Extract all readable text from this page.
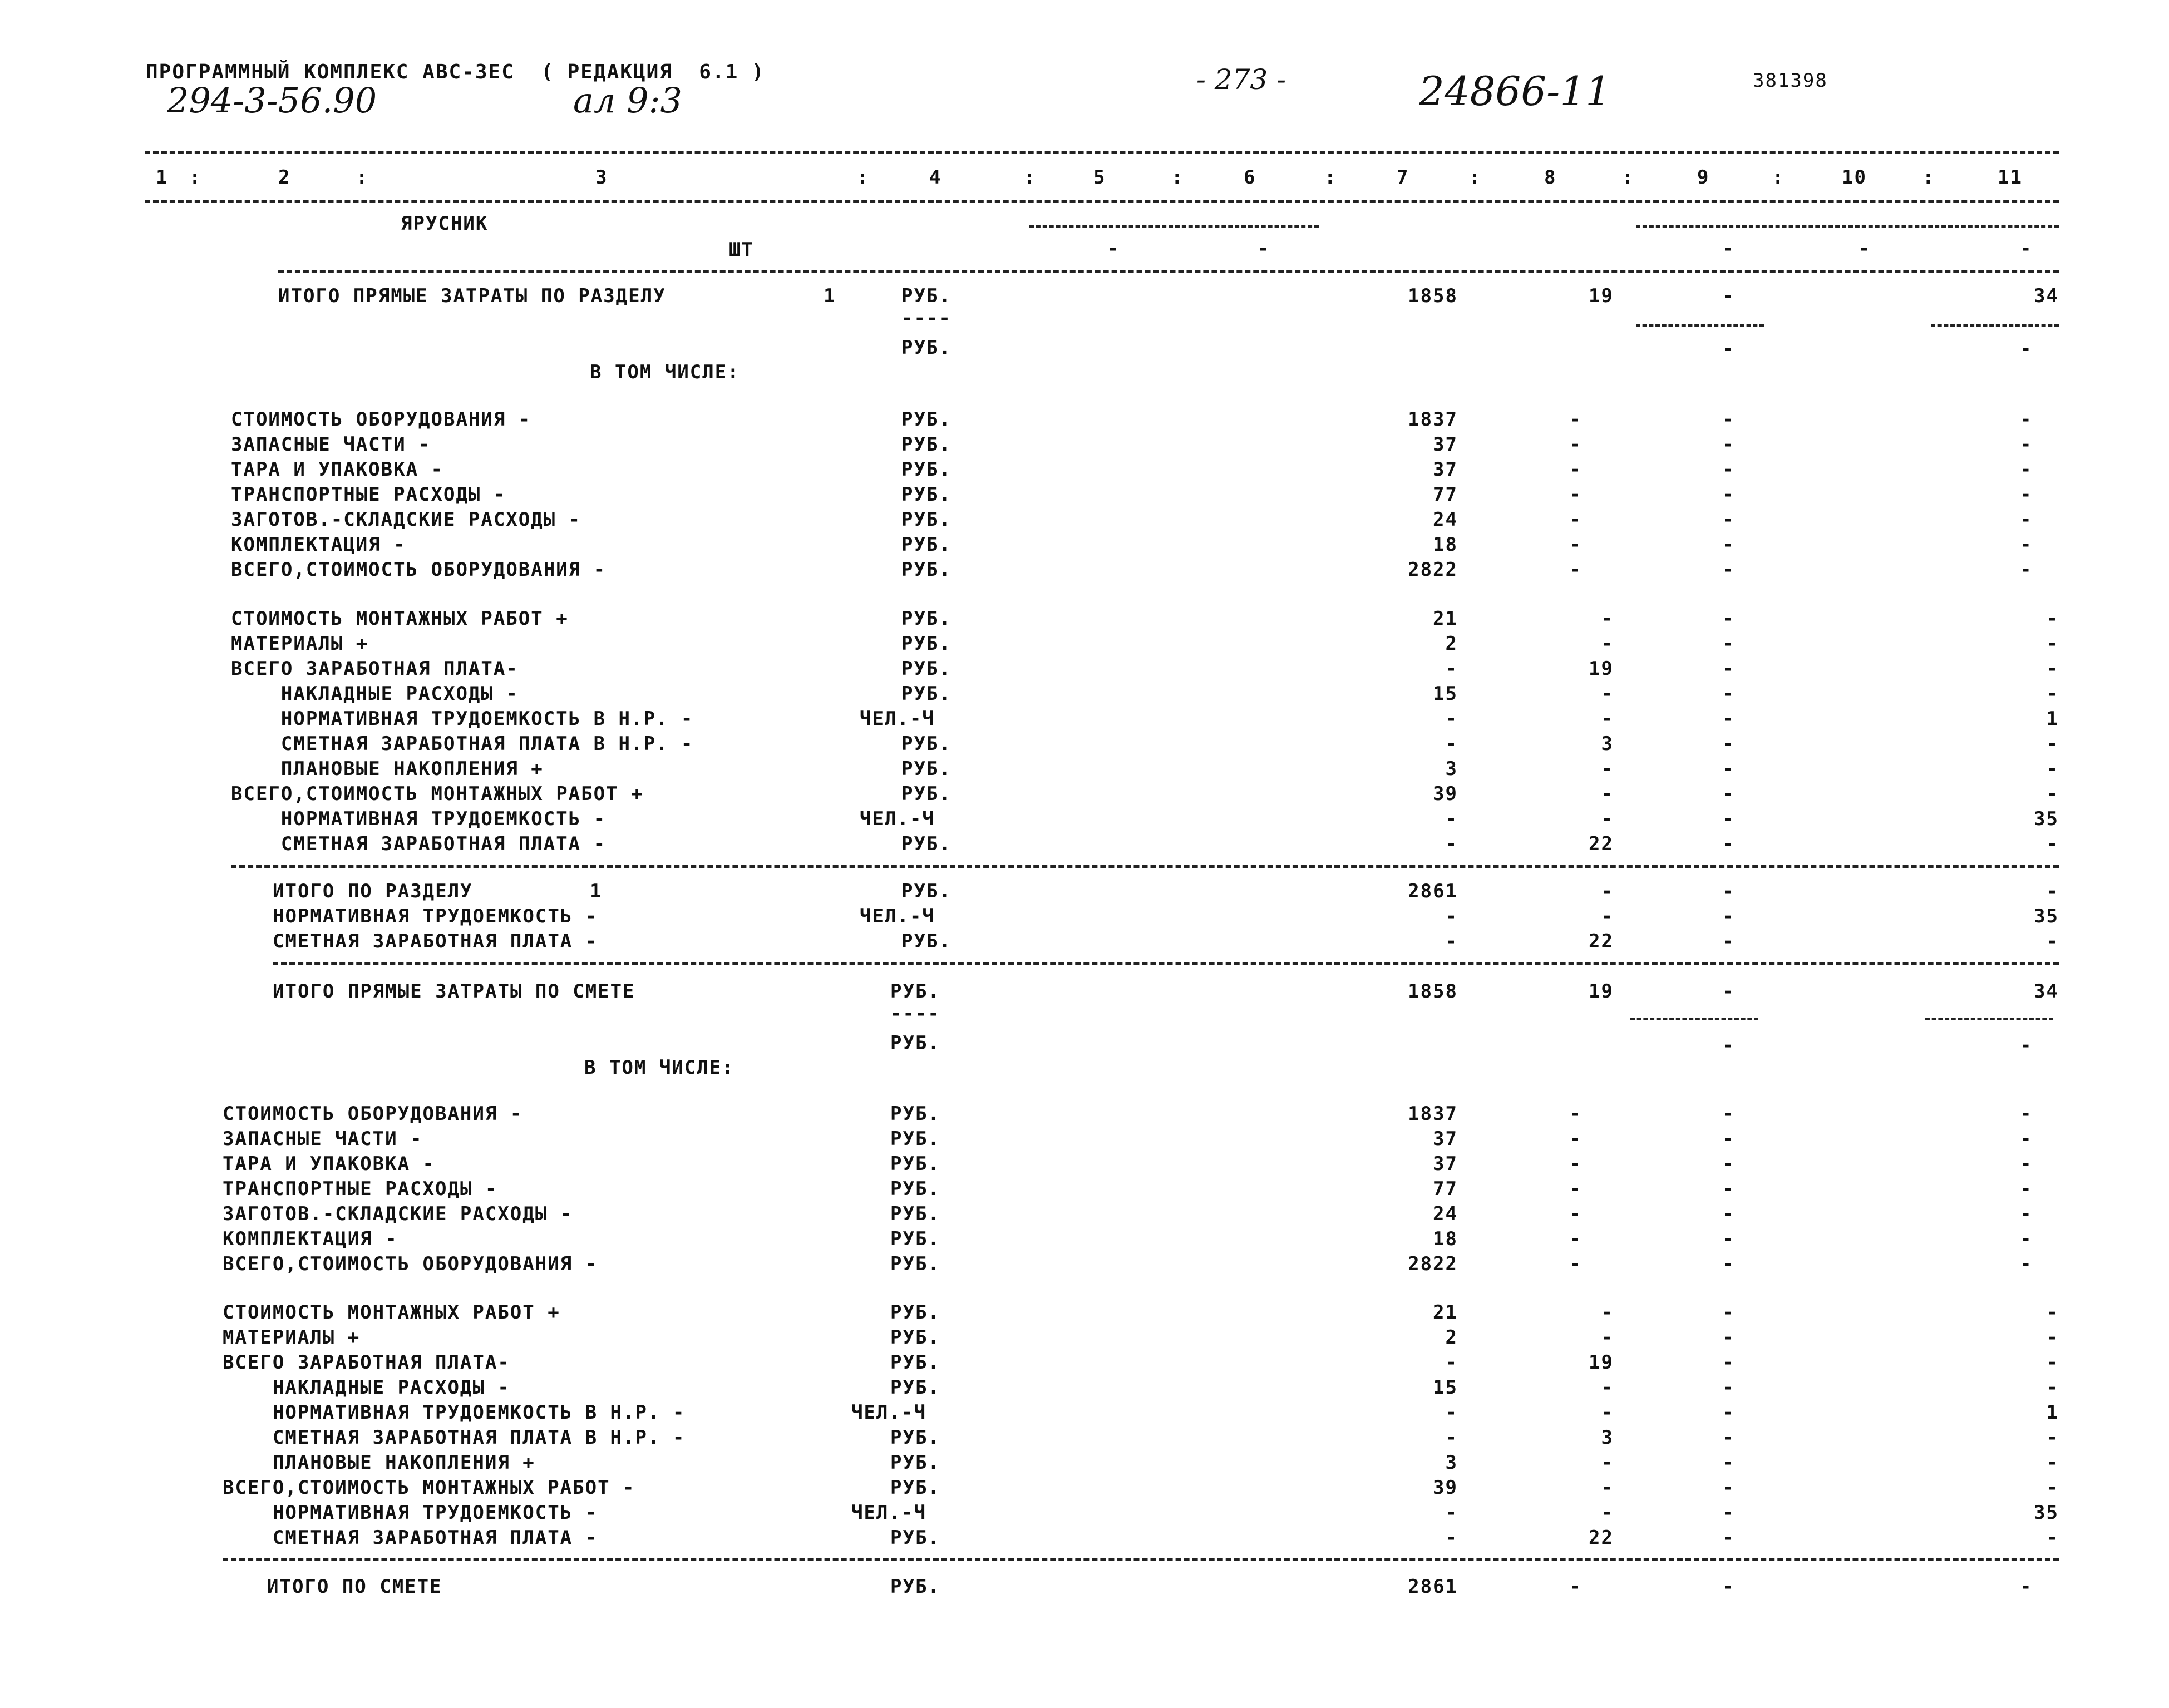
ПРОГРАММНЫЙ КОМПЛЕКС АВС-ЗЕС  ( РЕДАКЦИЯ  6.1 )
294-3-56.90	ал 9:3
- 273 -	24866-11	381398
1	2	3	4	5	6	7	8	9	10	11
:	:	:	:	:	:	:	:	:	:
ЯРУСНИК
ШТ	-	-	-	-	-
ИТОГО ПРЯМЫЕ ЗАТРАТЫ ПО РАЗДЕЛУ	1	РУБ.	1858	19	-	34
----
РУБ.	-	-
В ТОМ ЧИСЛЕ:
СТОИМОСТЬ ОБОРУДОВАНИЯ -	РУБ.	1837	-	-	-
ЗАПАСНЫЕ ЧАСТИ -	РУБ.	37	-	-	-
ТАРА И УПАКОВКА -	РУБ.	37	-	-	-
ТРАНСПОРТНЫЕ РАСХОДЫ -	РУБ.	77	-	-	-
ЗАГОТОВ.-СКЛАДСКИЕ РАСХОДЫ -	РУБ.	24	-	-	-
КОМПЛЕКТАЦИЯ -	РУБ.	18	-	-	-
ВСЕГО,СТОИМОСТЬ ОБОРУДОВАНИЯ -	РУБ.	2822	-	-	-
СТОИМОСТЬ МОНТАЖНЫХ РАБОТ +	РУБ.	21	-	-	-
МАТЕРИАЛЫ +	РУБ.	2	-	-	-
ВСЕГО ЗАРАБОТНАЯ ПЛАТА-	РУБ.	-	19	-	-
НАКЛАДНЫЕ РАСХОДЫ -	РУБ.	15	-	-	-
НОРМАТИВНАЯ ТРУДОЕМКОСТЬ В Н.Р. -	ЧЕЛ.-Ч	-	-	-	1
СМЕТНАЯ ЗАРАБОТНАЯ ПЛАТА В Н.Р. -	РУБ.	-	3	-	-
ПЛАНОВЫЕ НАКОПЛЕНИЯ +	РУБ.	3	-	-	-
ВСЕГО,СТОИМОСТЬ МОНТАЖНЫХ РАБОТ +	РУБ.	39	-	-	-
НОРМАТИВНАЯ ТРУДОЕМКОСТЬ -	ЧЕЛ.-Ч	-	-	-	35
СМЕТНАЯ ЗАРАБОТНАЯ ПЛАТА -	РУБ.	-	22	-	-
ИТОГО ПО РАЗДЕЛУ	1	РУБ.	2861	-	-	-
НОРМАТИВНАЯ ТРУДОЕМКОСТЬ -	ЧЕЛ.-Ч	-	-	-	35
СМЕТНАЯ ЗАРАБОТНАЯ ПЛАТА -	РУБ.	-	22	-	-
ИТОГО ПРЯМЫЕ ЗАТРАТЫ ПО СМЕТЕ	РУБ.	1858	19	-	34
----
РУБ.	-	-
В ТОМ ЧИСЛЕ:
СТОИМОСТЬ ОБОРУДОВАНИЯ -	РУБ.	1837	-	-	-
ЗАПАСНЫЕ ЧАСТИ -	РУБ.	37	-	-	-
ТАРА И УПАКОВКА -	РУБ.	37	-	-	-
ТРАНСПОРТНЫЕ РАСХОДЫ -	РУБ.	77	-	-	-
ЗАГОТОВ.-СКЛАДСКИЕ РАСХОДЫ -	РУБ.	24	-	-	-
КОМПЛЕКТАЦИЯ -	РУБ.	18	-	-	-
ВСЕГО,СТОИМОСТЬ ОБОРУДОВАНИЯ -	РУБ.	2822	-	-	-
СТОИМОСТЬ МОНТАЖНЫХ РАБОТ +	РУБ.	21	-	-	-
МАТЕРИАЛЫ +	РУБ.	2	-	-	-
ВСЕГО ЗАРАБОТНАЯ ПЛАТА-	РУБ.	-	19	-	-
НАКЛАДНЫЕ РАСХОДЫ -	РУБ.	15	-	-	-
НОРМАТИВНАЯ ТРУДОЕМКОСТЬ В Н.Р. -	ЧЕЛ.-Ч	-	-	-	1
СМЕТНАЯ ЗАРАБОТНАЯ ПЛАТА В Н.Р. -	РУБ.	-	3	-	-
ПЛАНОВЫЕ НАКОПЛЕНИЯ +	РУБ.	3	-	-	-
ВСЕГО,СТОИМОСТЬ МОНТАЖНЫХ РАБОТ -	РУБ.	39	-	-	-
НОРМАТИВНАЯ ТРУДОЕМКОСТЬ -	ЧЕЛ.-Ч	-	-	-	35
СМЕТНАЯ ЗАРАБОТНАЯ ПЛАТА -	РУБ.	-	22	-	-
ИТОГО ПО СМЕТЕ	РУБ.	2861	-	-	-
